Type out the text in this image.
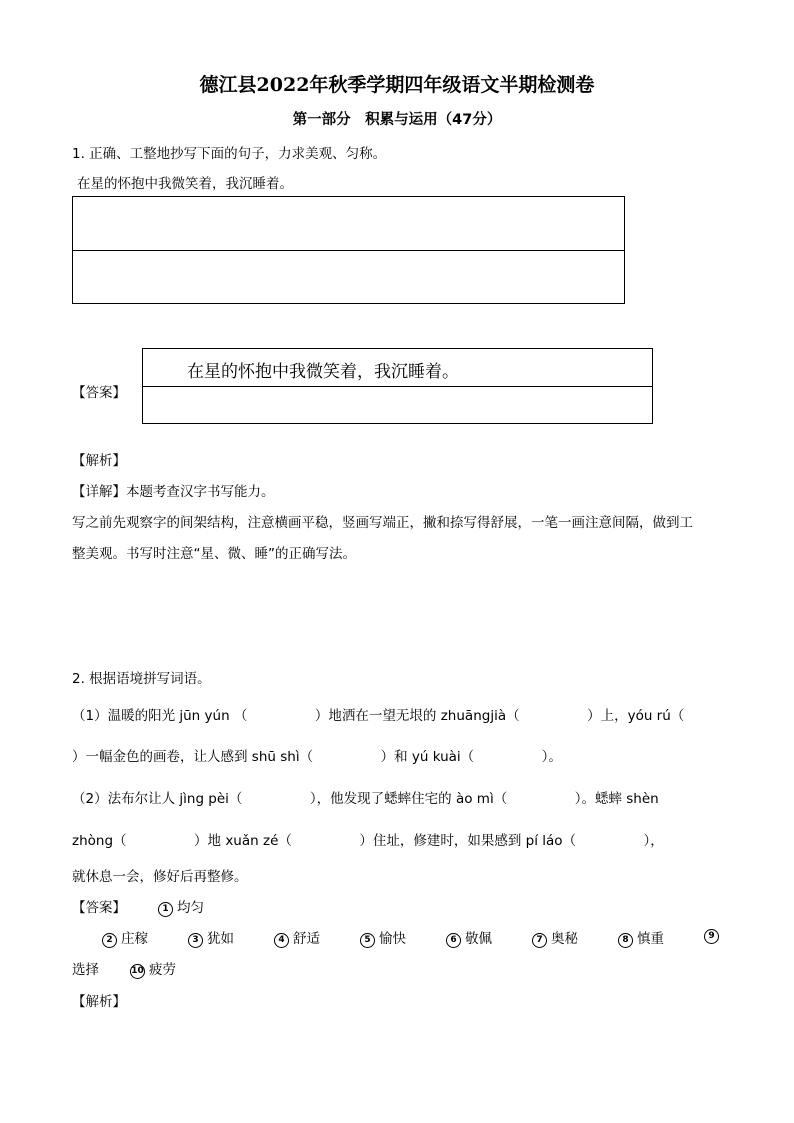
德江县2022年秋季学期四年级语文半期检测卷
第一部分　积累与运用（47分）
1. 正确、工整地抄写下面的句子，力求美观、匀称。
在星的怀抱中我微笑着，我沉睡着。
【答案】
在星的怀抱中我微笑着，我沉睡着。
【解析】
【详解】本题考查汉字书写能力。
写之前先观察字的间架结构，注意横画平稳，竖画写端正，撇和捺写得舒展，一笔一画注意间隔，做到工
整美观。书写时注意“星、微、睡”的正确写法。
2. 根据语境拼写词语。
（1）温暖的阳光 jūn yún （　　　　　）地洒在一望无垠的 zhuāngjià（　　　　　）上，yóu rú（
）一幅金色的画卷，让人感到 shū shì（　　　　　）和 yú kuài（　　　　　）。
（2）法布尔让人 jìng pèi（　　　　　），他发现了蟋蟀住宅的 ào mì（　　　　　）。蟋蟀 shèn
zhòng（　　　　　）地 xuǎn zé（　　　　　）住址，修建时，如果感到 pí láo（　　　　　），
就休息一会，修好后再整修。
【答案】	1 均匀
2 庄稼	3 犹如	4 舒适	5 愉快	6 敬佩	7 奥秘	8 慎重	9
选择	10 疲劳
【解析】
